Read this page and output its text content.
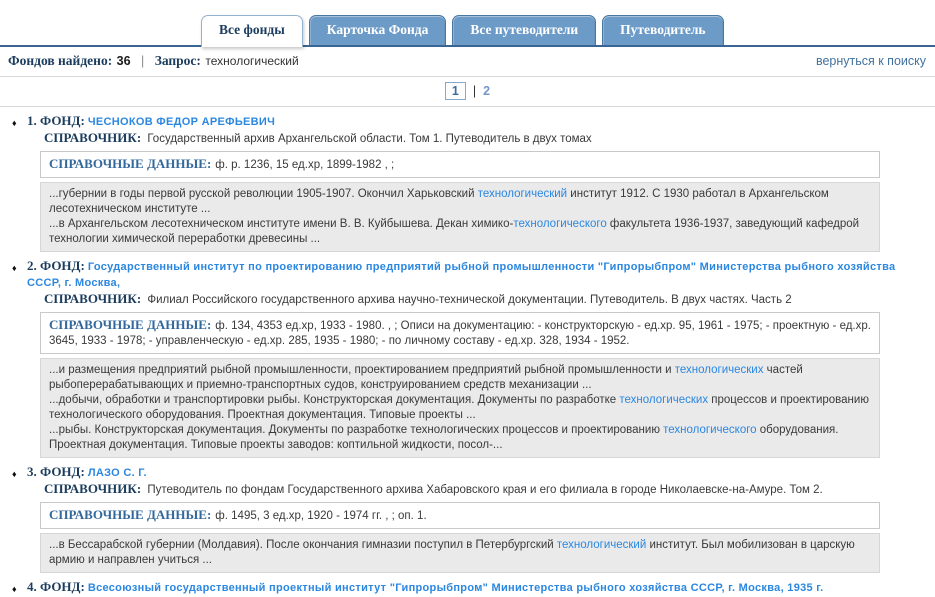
Все фонды	Карточка Фонда	Все путеводители	Путеводитель
Фондов найдено: 36 | Запрос: технологический	вернуться к поиску
1	| 2
♦ 1. ФОНД: ЧЕСНОКОВ ФЕДОР АРЕФЬЕВИЧ
СПРАВОЧНИК: Государственный архив Архангельской области. Том 1. Путеводитель в двух томах
СПРАВОЧНЫЕ ДАННЫЕ: ф. р. 1236, 15 ед.хр, 1899-1982 , ;
...губернии в годы первой русской революции 1905-1907. Окончил Харьковский технологический институт 1912. С 1930 работал в Архангельском лесотехническом институте ...
...в Архангельском лесотехническом институте имени В. В. Куйбышева. Декан химико-технологического факультета 1936-1937, заведующий кафедрой технологии химической переработки древесины ...
♦ 2. ФОНД: Государственный институт по проектированию предприятий рыбной промышленности "Гипрорыбпром" Министерства рыбного хозяйства СССР, г. Москва,
СПРАВОЧНИК: Филиал Российского государственного архива научно-технической документации. Путеводитель. В двух частях. Часть 2
СПРАВОЧНЫЕ ДАННЫЕ: ф. 134, 4353 ед.хр, 1933 - 1980. , ; Описи на документацию: - конструкторскую - ед.хр. 95, 1961 - 1975; - проектную - ед.хр. 3645, 1933 - 1978; - управленческую - ед.хр. 285, 1935 - 1980; - по личному составу - ед.хр. 328, 1934 - 1952.
...и размещения предприятий рыбной промышленности, проектированием предприятий рыбной промышленности и технологических частей рыбоперерабатывающих и приемно-транспортных судов, конструированием средств механизации ...
...добычи, обработки и транспортировки рыбы. Конструкторская документация. Документы по разработке технологических процессов и проектированию технологического оборудования. Проектная документация. Типовые проекты ...
...рыбы. Конструкторская документация. Документы по разработке технологических процессов и проектированию технологического оборудования. Проектная документация. Типовые проекты заводов: коптильной жидкости, посол-...
♦ 3. ФОНД: ЛАЗО С. Г.
СПРАВОЧНИК: Путеводитель по фондам Государственного архива Хабаровского края и его филиала в городе Николаевске-на-Амуре. Том 2.
СПРАВОЧНЫЕ ДАННЫЕ: ф. 1495, 3 ед.хр, 1920 - 1974 гг. , ; оп. 1.
...в Бессарабской губернии (Молдавия). После окончания гимназии поступил в Петербургский технологический институт. Был мобилизован в царскую армию и направлен учиться ...
♦ 4. ФОНД: Всесоюзный государственный проектный институт "Гипрорыбпром" Министерства рыбного хозяйства СССР, г. Москва, 1935 г.
